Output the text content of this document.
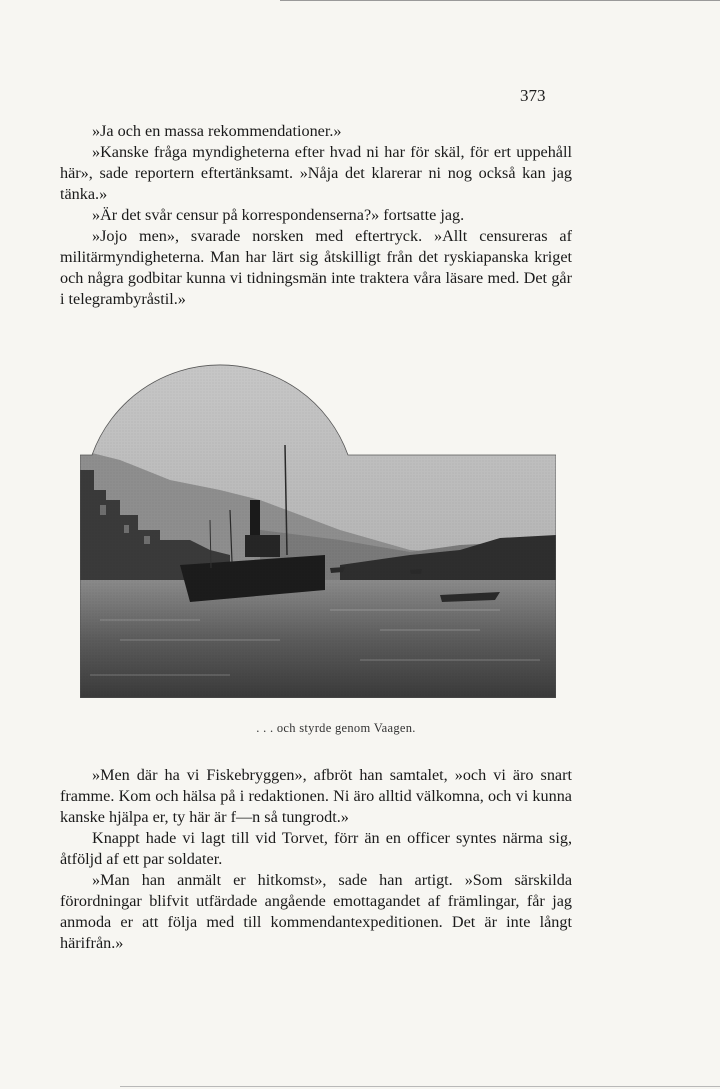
373

»Ja och en massa rekommendationer.»

»Kanske fråga myndigheterna efter hvad ni har för skäl, för ert uppehåll här», sade reportern eftertänksamt. »Nåja det klarerar ni nog också kan jag tänka.»

»Är det svår censur på korrespondenserna?» fortsatte jag.

»Jojo men», svarade norsken med eftertryck. »Allt censureras af militärmyndigheterna. Man har lärt sig åtskilligt från det ryskiapanska kriget och några godbitar kunna vi tidningsmän inte traktera våra läsare med. Det går i telegrambyråstil.»

. . . och styrde genom Vaagen.

»Men där ha vi Fiskebryggen», afbröt han samtalet, »och vi äro snart framme. Kom och hälsa på i redaktionen. Ni äro alltid välkomna, och vi kunna kanske hjälpa er, ty här är f—n så tungrodt.»

Knappt hade vi lagt till vid Torvet, förr än en officer syntes närma sig, åtföljd af ett par soldater.

»Man han anmält er hitkomst», sade han artigt. »Som särskilda förordningar blifvit utfärdade angående emottagandet af främlingar, får jag anmoda er att följa med till kommendantexpeditionen. Det är inte långt härifrån.»
